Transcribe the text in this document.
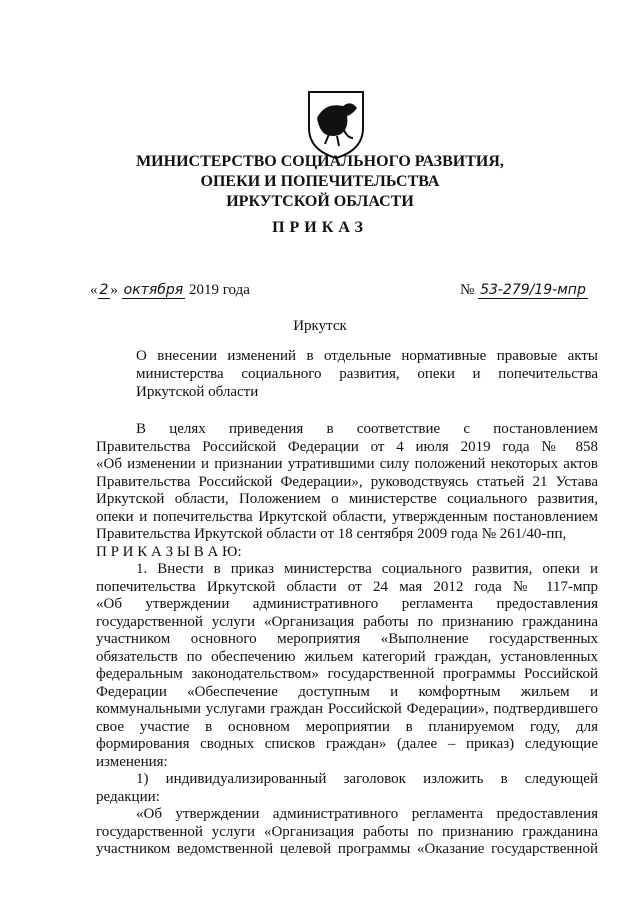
МИНИСТЕРСТВО СОЦИАЛЬНОГО РАЗВИТИЯ,
ОПЕКИ И ПОПЕЧИТЕЛЬСТВА
ИРКУТСКОЙ ОБЛАСТИ
ПРИКАЗ
« 2 » октября 2019 года	№ 53-279/19-мпр
Иркутск
О внесении изменений в отдельные нормативные правовые акты
министерства социального развития, опеки и попечительства
Иркутской области
В целях приведения в соответствие с постановлением
Правительства Российской Федерации от 4 июля 2019 года № 858
«Об изменении и признании утратившими силу положений некоторых актов
Правительства Российской Федерации», руководствуясь статьей 21 Устава
Иркутской области, Положением о министерстве социального развития,
опеки и попечительства Иркутской области, утвержденным постановлением
Правительства Иркутской области от 18 сентября 2009 года № 261/40-пп,
П Р И К А З Ы В А Ю:
1. Внести в приказ министерства социального развития, опеки и
попечительства Иркутской области от 24 мая 2012 года № 117-мпр
«Об утверждении административного регламента предоставления
государственной услуги «Организация работы по признанию гражданина
участником основного мероприятия «Выполнение государственных
обязательств по обеспечению жильем категорий граждан, установленных
федеральным законодательством» государственной программы Российской
Федерации «Обеспечение доступным и комфортным жильем и
коммунальными услугами граждан Российской Федерации», подтвердившего
свое участие в основном мероприятии в планируемом году, для
формирования сводных списков граждан» (далее – приказ) следующие
изменения:
1) индивидуализированный заголовок изложить в следующей
редакции:
«Об утверждении административного регламента предоставления
государственной услуги «Организация работы по признанию гражданина
участником ведомственной целевой программы «Оказание государственной
